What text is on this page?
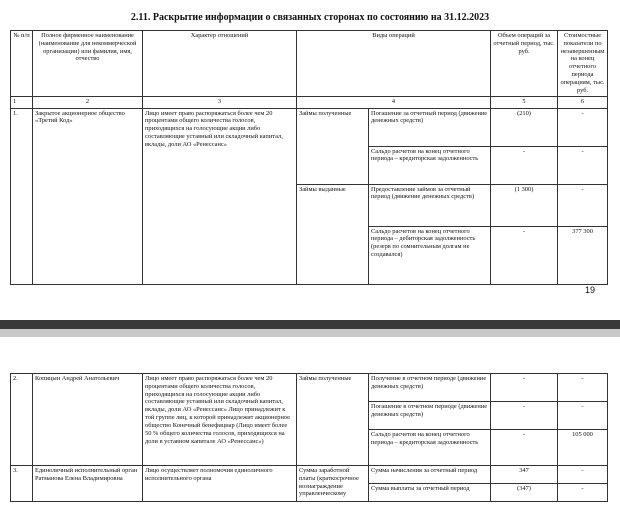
2.11. Раскрытие информации о связанных сторонах по состоянию на 31.12.2023
№ п/п	Полное фирменное наименование (наименование для некоммерческой организации) или фамилия, имя, отчество	Характер отношений	Виды операций		Объем операций за отчетный период, тыс. руб.	Стоимостные показатели по незавершенным на конец отчетного периода операциям, тыс. руб.
1	2	3	4		5	6
1.	Закрытое акционерное общество «Третий Код»	Лицо имеет право распоряжаться более чем 20 процентами общего количества голосов, приходящихся на голосующие акции либо составляющие уставный или складочный капитал, вклады, доли АО «Ренессанс»	Займы полученные	Погашение за отчетный период (движение денежных средств)	(210)	-
				Сальдо расчетов на конец отчетного периода – кредиторская задолженность	-	-
			Займы выданные	Предоставление займов за отчетный период (движение денежных средств)	(1 300)	-
				Сальдо расчетов на конец отчетного периода – дебиторская задолженность (резерв по сомнительным долгам не создавался)	-	377 300
19
2.	Копицын Андрей Анатольевич	Лицо имеет право распоряжаться более чем 20 процентами общего количества голосов, приходящихся на голосующие акции либо составляющие уставный или складочный капитал, вклады, доли АО «Ренессанс» Лицо принадлежит к той группе лиц, к которой принадлежит акционерное общество Конечный бенефициар (Лицо имеет более 50 % общего количества голосов, приходящихся на доли в уставном капитале АО «Ренессанс»)	Займы полученные	Получение в отчетном периоде (движение денежных средств)	-	-
				Погашение в отчетном периоде (движение денежных средств)	-	-
				Сальдо расчетов на конец отчетного периода – кредиторская задолженность	-	105 000
3.	Единоличный исполнительный орган Ратманова Елена Владимировна	Лицо осуществляет полномочия единоличного исполнительного органа	Сумма заработной платы (краткосрочное вознаграждение управленческому	Сумма начисления за отчетный период	347	-
				Сумма выплаты за отчетный период	(347)	-
